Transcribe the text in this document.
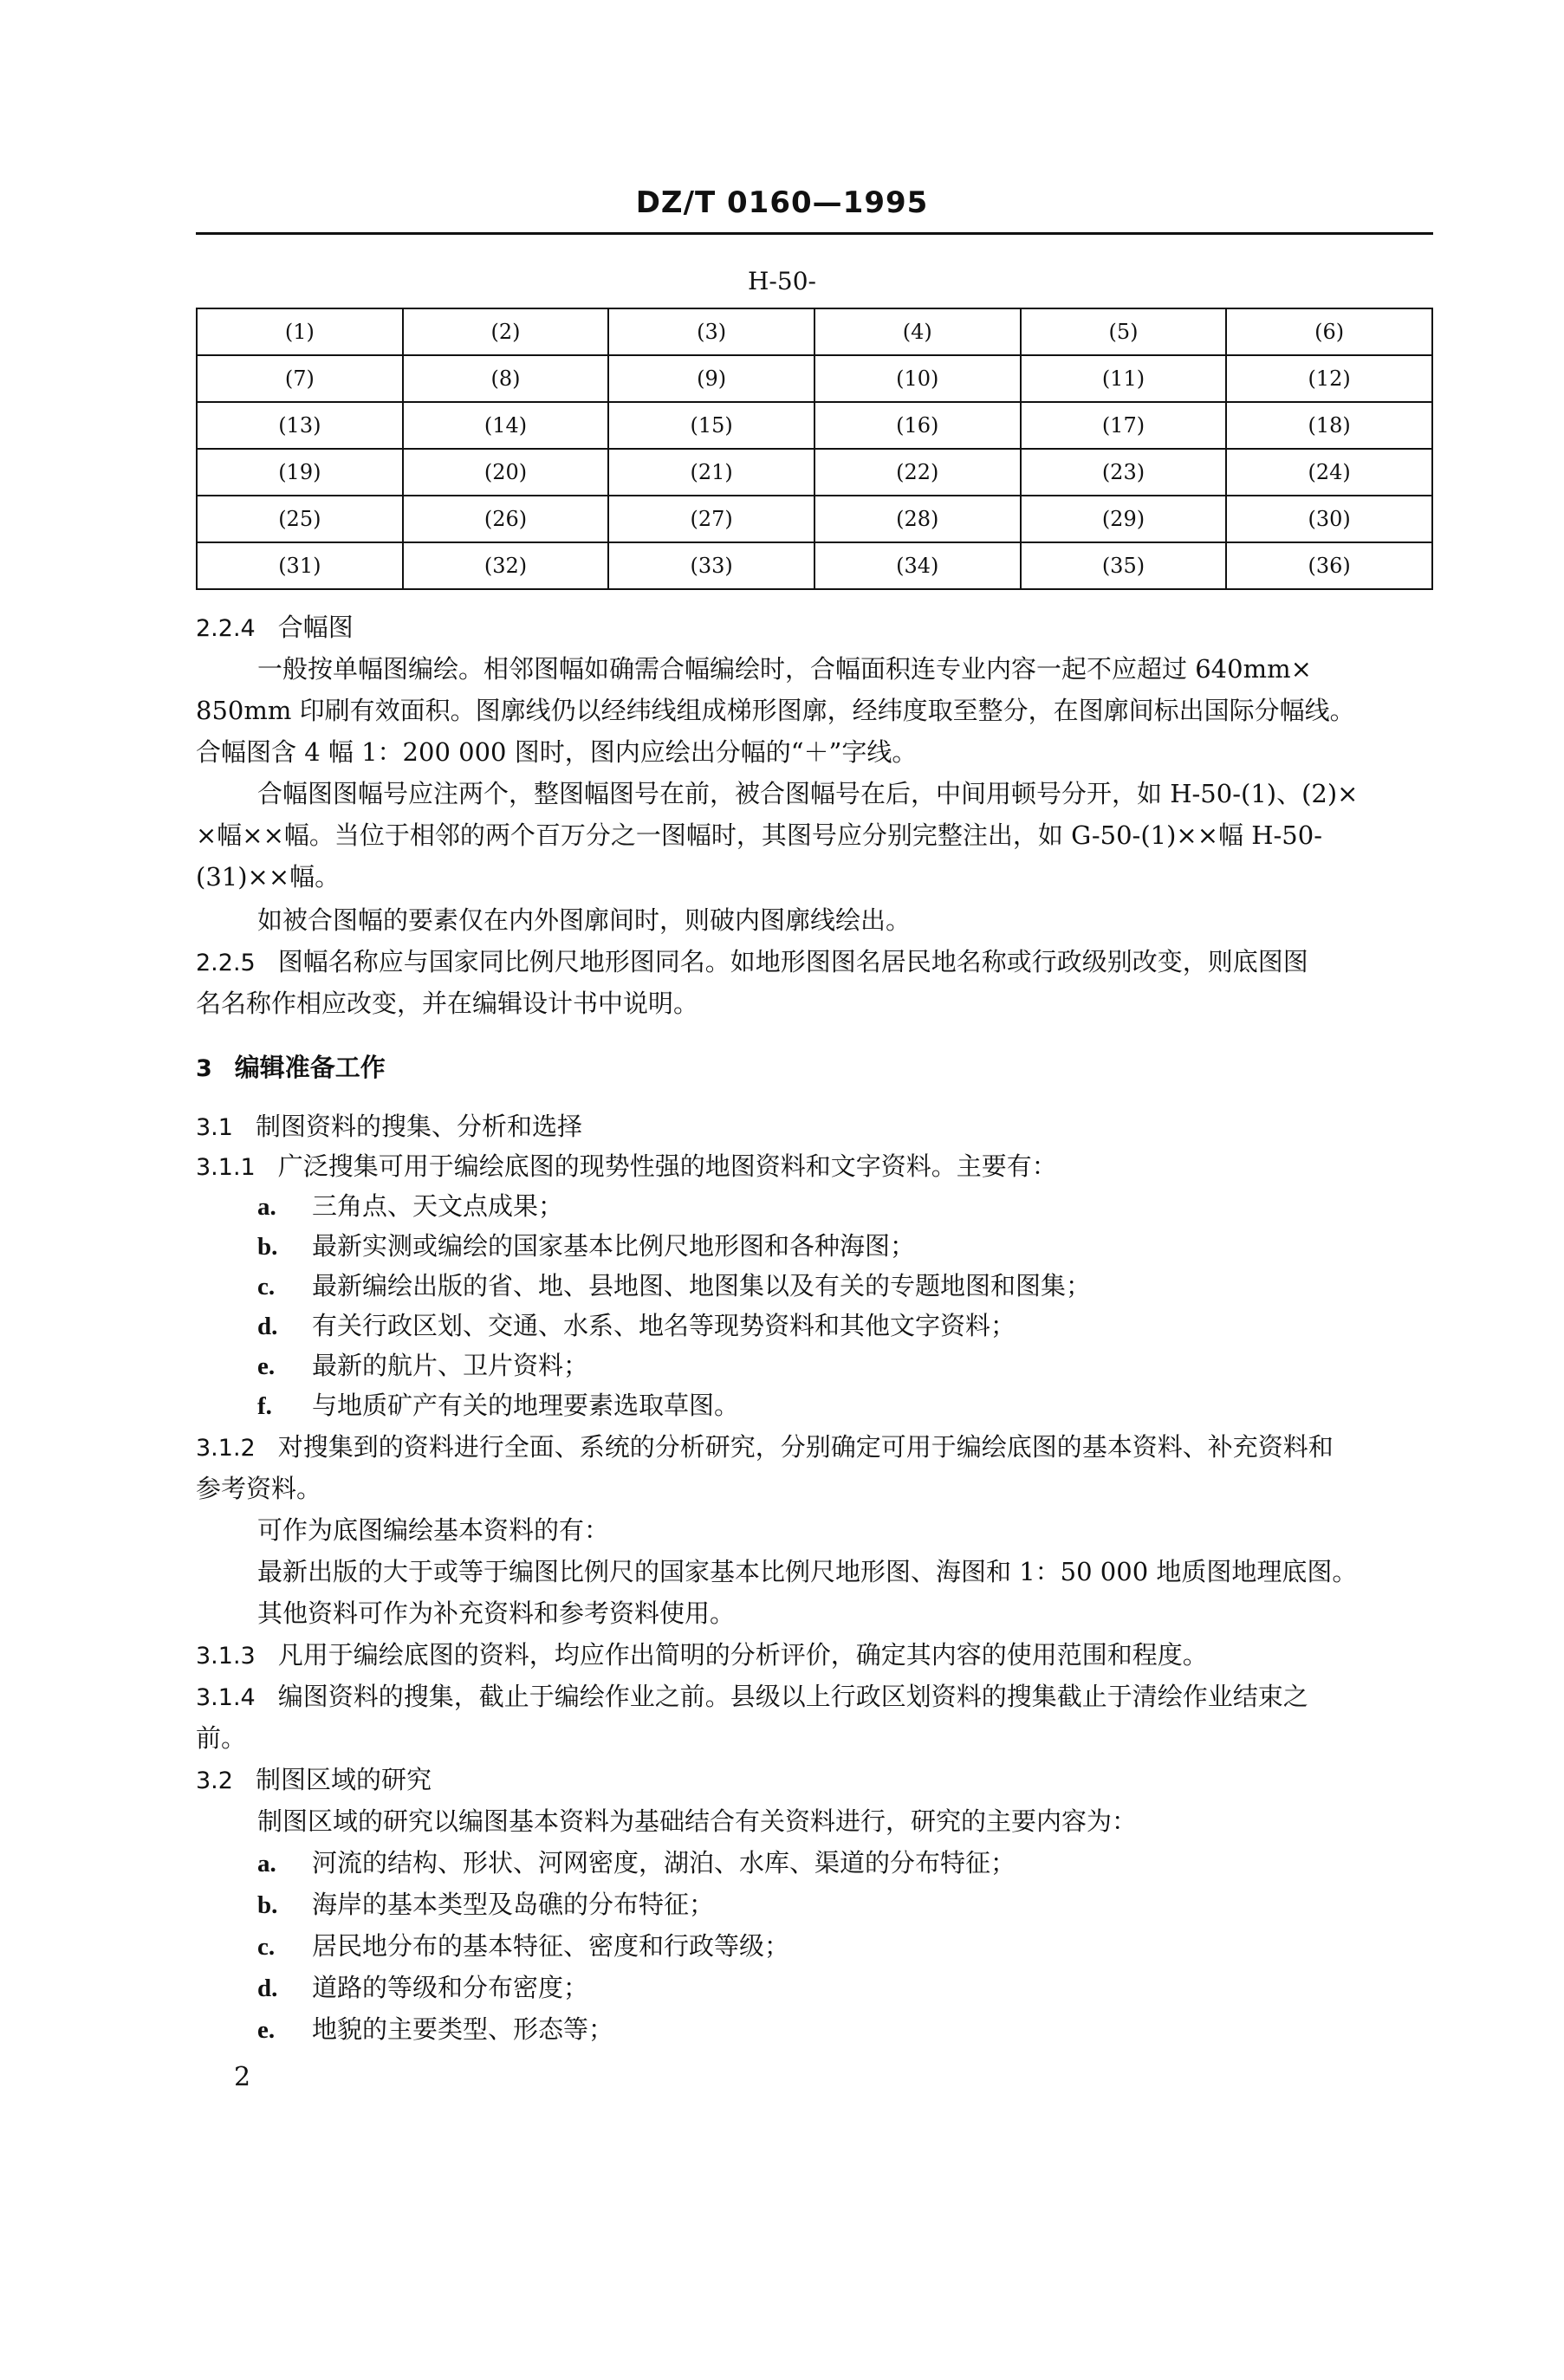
DZ/T 0160—1995
H-50-
(1)	(2)	(3)	(4)	(5)	(6)
(7)	(8)	(9)	(10)	(11)	(12)
(13)	(14)	(15)	(16)	(17)	(18)
(19)	(20)	(21)	(22)	(23)	(24)
(25)	(26)	(27)	(28)	(29)	(30)
(31)	(32)	(33)	(34)	(35)	(36)
2.2.4 合幅图
一般按单幅图编绘。相邻图幅如确需合幅编绘时，合幅面积连专业内容一起不应超过 640mm×
850mm 印刷有效面积。图廓线仍以经纬线组成梯形图廓，经纬度取至整分，在图廓间标出国际分幅线。
合幅图含 4 幅 1：200 000 图时，图内应绘出分幅的“＋”字线。
合幅图图幅号应注两个，整图幅图号在前，被合图幅号在后，中间用顿号分开，如 H-50-(1)、(2)×
×幅××幅。当位于相邻的两个百万分之一图幅时，其图号应分别完整注出，如 G-50-(1)××幅 H-50-
(31)××幅。
如被合图幅的要素仅在内外图廓间时，则破内图廓线绘出。
2.2.5 图幅名称应与国家同比例尺地形图同名。如地形图图名居民地名称或行政级别改变，则底图图
名名称作相应改变，并在编辑设计书中说明。
3 编辑准备工作
3.1 制图资料的搜集、分析和选择
3.1.1 广泛搜集可用于编绘底图的现势性强的地图资料和文字资料。主要有：
a. 三角点、天文点成果；
b. 最新实测或编绘的国家基本比例尺地形图和各种海图；
c. 最新编绘出版的省、地、县地图、地图集以及有关的专题地图和图集；
d. 有关行政区划、交通、水系、地名等现势资料和其他文字资料；
e. 最新的航片、卫片资料；
f. 与地质矿产有关的地理要素选取草图。
3.1.2 对搜集到的资料进行全面、系统的分析研究，分别确定可用于编绘底图的基本资料、补充资料和
参考资料。
可作为底图编绘基本资料的有：
最新出版的大于或等于编图比例尺的国家基本比例尺地形图、海图和 1：50 000 地质图地理底图。
其他资料可作为补充资料和参考资料使用。
3.1.3 凡用于编绘底图的资料，均应作出简明的分析评价，确定其内容的使用范围和程度。
3.1.4 编图资料的搜集，截止于编绘作业之前。县级以上行政区划资料的搜集截止于清绘作业结束之
前。
3.2 制图区域的研究
制图区域的研究以编图基本资料为基础结合有关资料进行，研究的主要内容为：
a. 河流的结构、形状、河网密度，湖泊、水库、渠道的分布特征；
b. 海岸的基本类型及岛礁的分布特征；
c. 居民地分布的基本特征、密度和行政等级；
d. 道路的等级和分布密度；
e. 地貌的主要类型、形态等；
2
